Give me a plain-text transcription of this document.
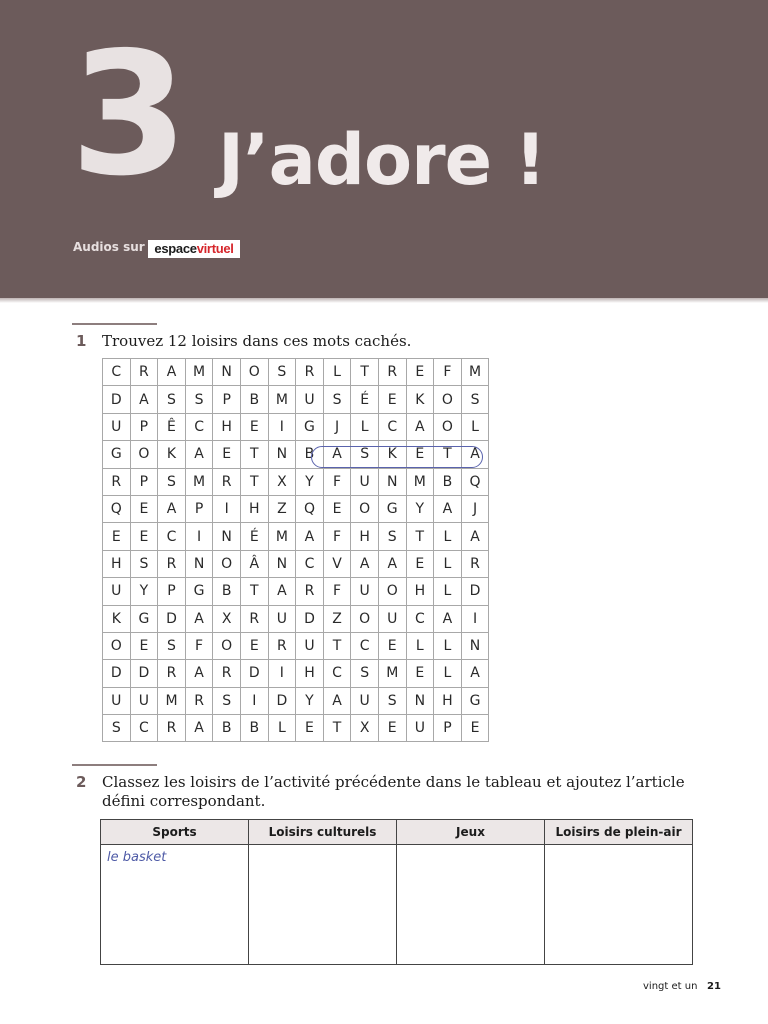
3 J’adore !
Audios sur espacevirtuel
1 Trouvez 12 loisirs dans ces mots cachés.
C	R	A	M	N	O	S	R	L	T	R	E	F	M
D	A	S	S	P	B	M	U	S	É	E	K	O	S
U	P	Ê	C	H	E	I	G	J	L	C	A	O	L
G	O	K	A	E	T	N	B	A	S	K	E	T	A
R	P	S	M	R	T	X	Y	F	U	N	M	B	Q
Q	E	A	P	I	H	Z	Q	E	O	G	Y	A	J
E	E	C	I	N	É	M	A	F	H	S	T	L	A
H	S	R	N	O	Â	N	C	V	A	A	E	L	R
U	Y	P	G	B	T	A	R	F	U	O	H	L	D
K	G	D	A	X	R	U	D	Z	O	U	C	A	I
O	E	S	F	O	E	R	U	T	C	E	L	L	N
D	D	R	A	R	D	I	H	C	S	M	E	L	A
U	U	M	R	S	I	D	Y	A	U	S	N	H	G
S	C	R	A	B	B	L	E	T	X	E	U	P	E
2 Classez les loisirs de l’activité précédente dans le tableau et ajoutez l’article défini correspondant.
Sports	Loisirs culturels	Jeux	Loisirs de plein-air
le basket			
vingt et un 21
